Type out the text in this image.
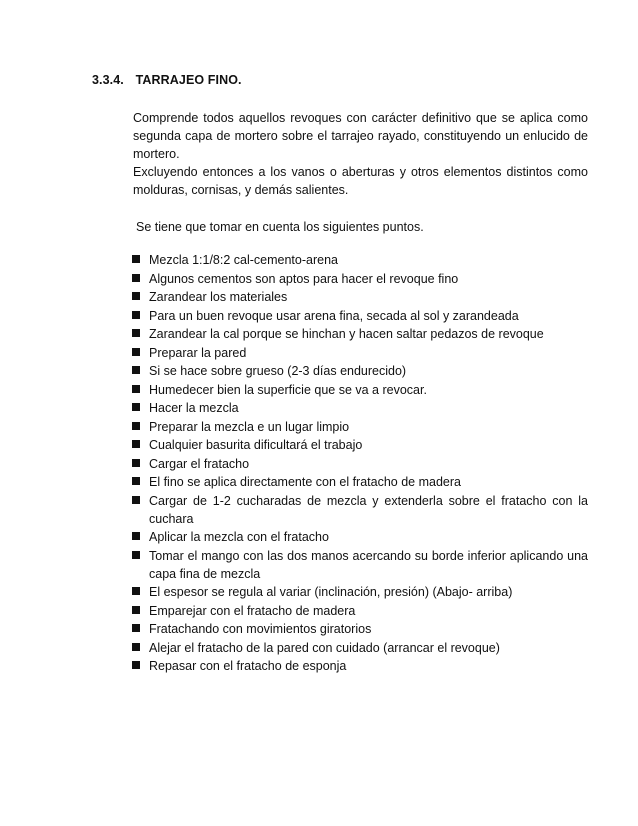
3.3.4. TARRAJEO FINO.

Comprende todos aquellos revoques con carácter definitivo que se aplica como segunda capa de mortero sobre el tarrajeo rayado, constituyendo un enlucido de mortero.

Excluyendo entonces a los vanos o aberturas y otros elementos distintos como molduras, cornisas, y demás salientes.

Se tiene que tomar en cuenta los siguientes puntos.

Mezcla 1:1/8:2 cal-cemento-arena
Algunos cementos son aptos para hacer el revoque fino
Zarandear los materiales
Para un buen revoque usar arena fina, secada al sol y zarandeada
Zarandear la cal porque se hinchan y hacen saltar pedazos de revoque
Preparar la pared
Si se hace sobre grueso (2-3 días endurecido)
Humedecer bien la superficie que se va a revocar.
Hacer la mezcla
Preparar la mezcla e un lugar limpio
Cualquier basurita dificultará el trabajo
Cargar el fratacho
El fino se aplica directamente con el fratacho de madera
Cargar de 1-2 cucharadas de mezcla y extenderla sobre el fratacho con la cuchara
Aplicar la mezcla con el fratacho
Tomar el mango con las dos manos acercando su borde inferior aplicando una capa fina de mezcla
El espesor se regula al variar (inclinación, presión) (Abajo- arriba)
Emparejar con el fratacho de madera
Fratachando con movimientos giratorios
Alejar el fratacho de la pared con cuidado (arrancar el revoque)
Repasar con el fratacho de esponja
